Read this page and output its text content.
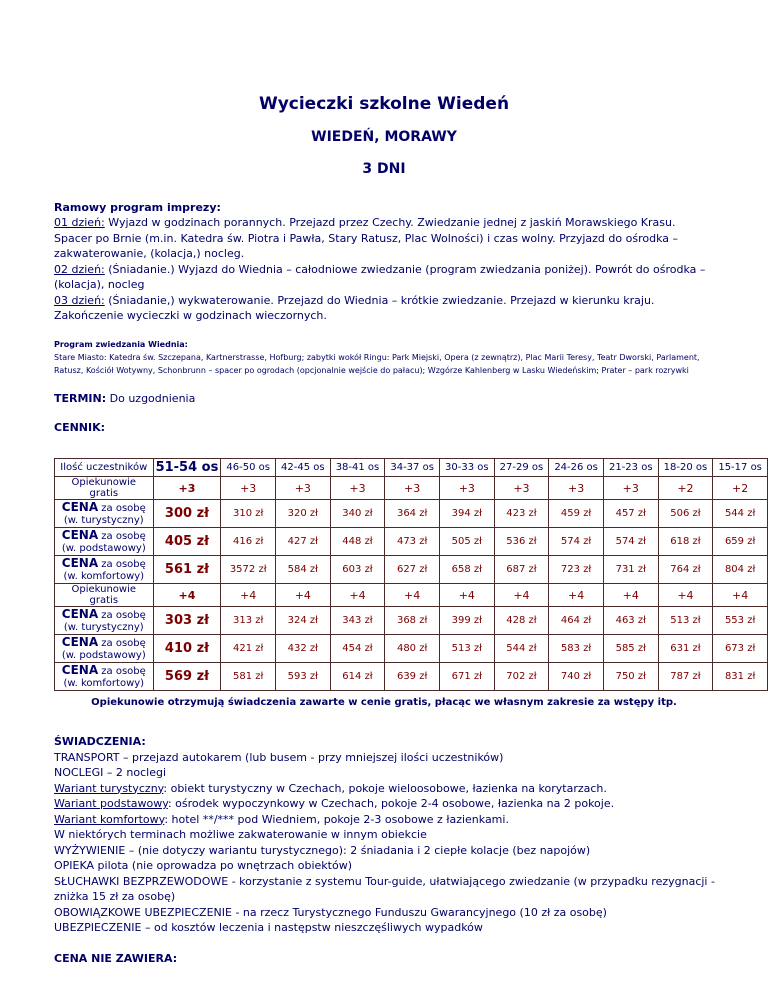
Wycieczki szkolne Wiedeń
WIEDEŃ, MORAWY
3 DNI
Ramowy program imprezy:
01 dzień: Wyjazd w godzinach porannych. Przejazd przez Czechy. Zwiedzanie jednej z jaskiń Morawskiego Krasu. Spacer po Brnie (m.in. Katedra św. Piotra i Pawła, Stary Ratusz, Plac Wolności) i czas wolny. Przyjazd do ośrodka – zakwaterowanie, (kolacja,) nocleg.
02 dzień: (Śniadanie.) Wyjazd do Wiednia – całodniowe zwiedzanie (program zwiedzania poniżej). Powrót do ośrodka – (kolacja), nocleg
03 dzień: (Śniadanie,) wykwaterowanie. Przejazd do Wiednia – krótkie zwiedzanie. Przejazd w kierunku kraju. Zakończenie wycieczki w godzinach wieczornych.
Program zwiedzania Wiednia:
Stare Miasto: Katedra św. Szczepana, Kartnerstrasse, Hofburg; zabytki wokół Ringu: Park Miejski, Opera (z zewnątrz), Plac Marii Teresy, Teatr Dworski, Parlament, Ratusz, Kościół Wotywny, Schonbrunn – spacer po ogrodach (opcjonalnie wejście do pałacu); Wzgórze Kahlenberg w Lasku Wiedeńskim; Prater – park rozrywki
TERMIN: Do uzgodnienia
CENNIK:
Ilość uczestników	51-54 os	46-50 os	42-45 os	38-41 os	34-37 os	30-33 os	27-29 os	24-26 os	21-23 os	18-20 os	15-17 os
Opiekunowie gratis	+3	+3	+3	+3	+3	+3	+3	+3	+3	+2	+2
CENA za osobę
(w. turystyczny)	300 zł	310 zł	320 zł	340 zł	364 zł	394 zł	423 zł	459 zł	457 zł	506 zł	544 zł
CENA za osobę
(w. podstawowy)	405 zł	416 zł	427 zł	448 zł	473 zł	505 zł	536 zł	574 zł	574 zł	618 zł	659 zł
CENA za osobę
(w. komfortowy)	561 zł	3572 zł	584 zł	603 zł	627 zł	658 zł	687 zł	723 zł	731 zł	764 zł	804 zł
Opiekunowie gratis	+4	+4	+4	+4	+4	+4	+4	+4	+4	+4	+4
CENA za osobę
(w. turystyczny)	303 zł	313 zł	324 zł	343 zł	368 zł	399 zł	428 zł	464 zł	463 zł	513 zł	553 zł
CENA za osobę
(w. podstawowy)	410 zł	421 zł	432 zł	454 zł	480 zł	513 zł	544 zł	583 zł	585 zł	631 zł	673 zł
CENA za osobę
(w. komfortowy)	569 zł	581 zł	593 zł	614 zł	639 zł	671 zł	702 zł	740 zł	750 zł	787 zł	831 zł
Opiekunowie otrzymują świadczenia zawarte w cenie gratis, płacąc we własnym zakresie za wstępy itp.
ŚWIADCZENIA:
TRANSPORT – przejazd autokarem (lub busem - przy mniejszej ilości uczestników)
NOCLEGI – 2 noclegi
Wariant turystyczny: obiekt turystyczny w Czechach, pokoje wieloosobowe, łazienka na korytarzach.
Wariant podstawowy: ośrodek wypoczynkowy w Czechach, pokoje 2-4 osobowe, łazienka na 2 pokoje.
Wariant komfortowy: hotel **/*** pod Wiedniem, pokoje 2-3 osobowe z łazienkami.
W niektórych terminach możliwe zakwaterowanie w innym obiekcie
WYŻYWIENIE – (nie dotyczy wariantu turystycznego): 2 śniadania i 2 ciepłe kolacje (bez napojów)
OPIEKA pilota (nie oprowadza po wnętrzach obiektów)
SŁUCHAWKI BEZPRZEWODOWE - korzystanie z systemu Tour-guide, ułatwiającego zwiedzanie (w przypadku rezygnacji -
zniżka 15 zł za osobę)
OBOWIĄZKOWE UBEZPIECZENIE - na rzecz Turystycznego Funduszu Gwarancyjnego (10 zł za osobę)
UBEZPIECZENIE – od kosztów leczenia i następstw nieszczęśliwych wypadków
CENA NIE ZAWIERA:
